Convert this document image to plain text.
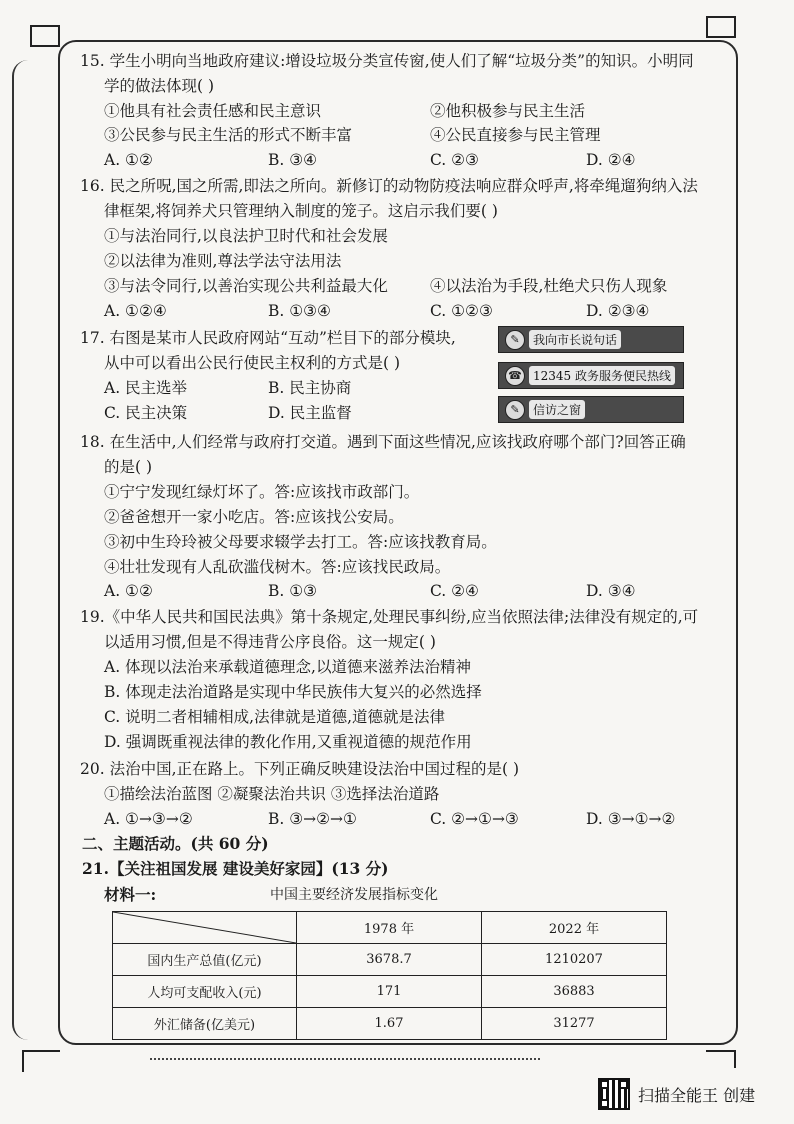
15. 学生小明向当地政府建议:增设垃圾分类宣传窗,使人们了解“垃圾分类”的知识。小明同
学的做法体现( )
①他具有社会责任感和民主意识	②他积极参与民主生活
③公民参与民主生活的形式不断丰富	④公民直接参与民主管理
A. ①②	B. ③④	C. ②③	D. ②④
16. 民之所呪,国之所需,即法之所向。新修订的动物防疫法响应群众呼声,将牵绳遛狗纳入法
律框架,将饲养犬只管理纳入制度的笼子。这启示我们要( )
①与法治同行,以良法护卫时代和社会发展
②以法律为准则,尊法学法守法用法
③与法令同行,以善治实现公共利益最大化	④以法治为手段,杜绝犬只伤人现象
A. ①②④	B. ①③④	C. ①②③	D. ②③④
17. 右图是某市人民政府网站“互动”栏目下的部分模块,
从中可以看出公民行使民主权利的方式是( )
A. 民主选举	B. 民主协商
C. 民主决策	D. 民主监督
✎	我向市长说句话
☎ 12345 政务服务便民热线
✎	信访之窗
18. 在生活中,人们经常与政府打交道。遇到下面这些情况,应该找政府哪个部门?回答正确
的是( )
①宁宁发现红绿灯坏了。答:应该找市政部门。
②爸爸想开一家小吃店。答:应该找公安局。
③初中生玲玲被父母要求辍学去打工。答:应该找教育局。
④壮壮发现有人乱砍滥伐树木。答:应该找民政局。
A. ①②	B. ①③	C. ②④	D. ③④
19.《中华人民共和国民法典》第十条规定,处理民事纠纷,应当依照法律;法律没有规定的,可
以适用习惯,但是不得违背公序良俗。这一规定( )
A. 体现以法治来承载道德理念,以道德来滋养法治精神
B. 体现走法治道路是实现中华民族伟大复兴的必然选择
C. 说明二者相辅相成,法律就是道德,道德就是法律
D. 强调既重视法律的教化作用,又重视道德的规范作用
20. 法治中国,正在路上。下列正确反映建设法治中国过程的是( )
①描绘法治蓝图 ②凝聚法治共识 ③选择法治道路
A. ①→③→②	B. ③→②→①	C. ②→①→③	D. ③→①→②
二、主题活动。(共 60 分)
21.【关注祖国发展 建设美好家园】(13 分)
材料一:	中国主要经济发展指标变化
	1978 年	2022 年
国内生产总值(亿元)	3678.7	1210207
人均可支配收入(元)	171	36883
外汇储备(亿美元)	1.67	31277
扫描全能王 创建
